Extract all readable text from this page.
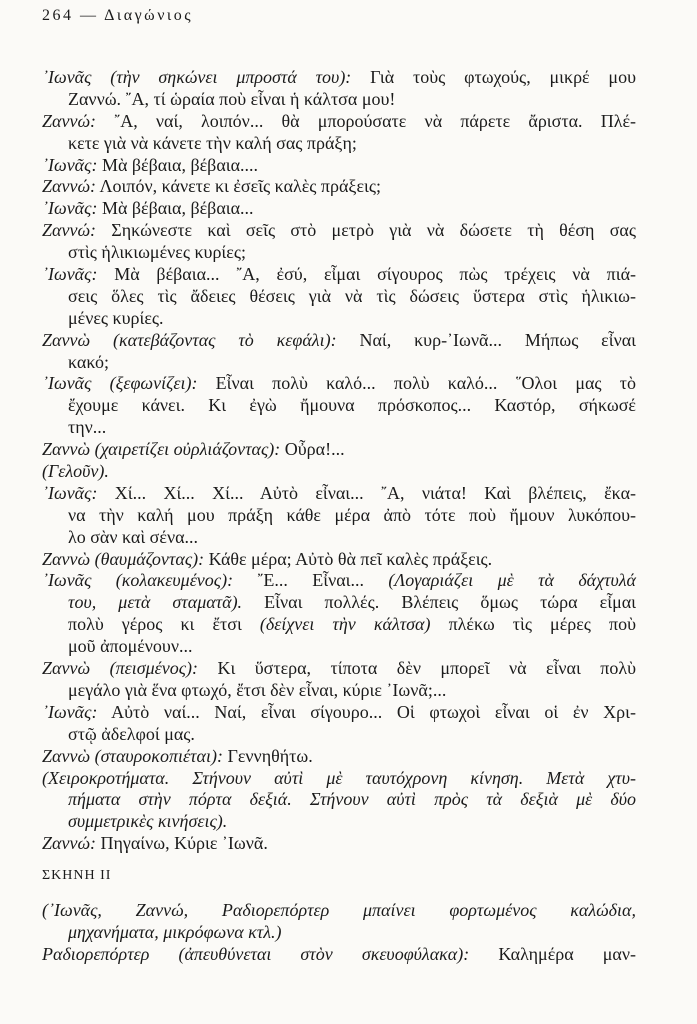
264 — Διαγώνιος
᾽Ιωνᾶς (τὴν σηκώνει μπροστά του): Γιὰ τοὺς φτωχούς, μικρέ μου
Ζαννώ. ῎Α, τί ὡραία ποὺ εἶναι ἡ κάλτσα μου!
Ζαννώ: ῎Α, ναί, λοιπόν... θὰ μπορούσατε νὰ πάρετε ἄριστα. Πλέ-
κετε γιὰ νὰ κάνετε τὴν καλή σας πράξη;
᾽Ιωνᾶς: Μὰ βέβαια, βέβαια....
Ζαννώ: Λοιπόν, κάνετε κι ἐσεῖς καλὲς πράξεις;
᾽Ιωνᾶς: Μὰ βέβαια, βέβαια...
Ζαννώ: Σηκώνεστε καὶ σεῖς στὸ μετρὸ γιὰ νὰ δώσετε τὴ θέση σας
στὶς ἡλικιωμένες κυρίες;
᾽Ιωνᾶς: Μὰ βέβαια... ῎Α, ἐσύ, εἶμαι σίγουρος πὼς τρέχεις νὰ πιά-
σεις ὅλες τὶς ἄδειες θέσεις γιὰ νὰ τὶς δώσεις ὕστερα στὶς ἡλικιω-
μένες κυρίες.
Ζαννὼ (κατεβάζοντας τὸ κεφάλι): Ναί, κυρ-᾽Ιωνᾶ... Μήπως εἶναι
κακό;
᾽Ιωνᾶς (ξεφωνίζει): Εἶναι πολὺ καλό... πολὺ καλό... ῞Ολοι μας τὸ
ἔχουμε κάνει. Κι ἐγὼ ἤμουνα πρόσκοπος... Καστόρ, σήκωσέ
την...
Ζαννὼ (χαιρετίζει οὐρλιάζοντας): Οὖρα!...
(Γελοῦν).
᾽Ιωνᾶς: Χί... Χί... Χί... Αὐτὸ εἶναι... ῎Α, νιάτα! Καὶ βλέπεις, ἔκα-
να τὴν καλή μου πράξη κάθε μέρα ἀπὸ τότε ποὺ ἤμουν λυκόπου-
λο σὰν καὶ σένα...
Ζαννὼ (θαυμάζοντας): Κάθε μέρα; Αὐτὸ θὰ πεῖ καλὲς πράξεις.
᾽Ιωνᾶς (κολακευμένος): ῎Ε... Εἶναι... (Λογαριάζει μὲ τὰ δάχτυλά
του, μετὰ σταματᾶ). Εἶναι πολλές. Βλέπεις ὅμως τώρα εἶμαι
πολὺ γέρος κι ἔτσι (δείχνει τὴν κάλτσα) πλέκω τὶς μέρες ποὺ
μοῦ ἀπομένουν...
Ζαννὼ (πεισμένος): Κι ὕστερα, τίποτα δὲν μπορεῖ νὰ εἶναι πολὺ
μεγάλο γιὰ ἕνα φτωχό, ἔτσι δὲν εἶναι, κύριε ᾽Ιωνᾶ;...
᾽Ιωνᾶς: Αὐτὸ ναί... Ναί, εἶναι σίγουρο... Οἱ φτωχοὶ εἶναι οἱ ἐν Χρι-
στῷ ἀδελφοί μας.
Ζαννὼ (σταυροκοπιέται): Γεννηθήτω.
(Χειροκροτήματα. Στήνουν αὐτὶ μὲ ταυτόχρονη κίνηση. Μετὰ χτυ-
πήματα στὴν πόρτα δεξιά. Στήνουν αὐτὶ πρὸς τὰ δεξιὰ μὲ δύο
συμμετρικὲς κινήσεις).
Ζαννώ: Πηγαίνω, Κύριε ᾽Ιωνᾶ.
ΣΚΗΝΗ ΙΙ
(᾽Ιωνᾶς, Ζαννώ, Ραδιορεπόρτερ μπαίνει φορτωμένος καλώδια,
μηχανήματα, μικρόφωνα κτλ.)
Ραδιορεπόρτερ (ἀπευθύνεται στὸν σκευοφύλακα): Καλημέρα μαν-
